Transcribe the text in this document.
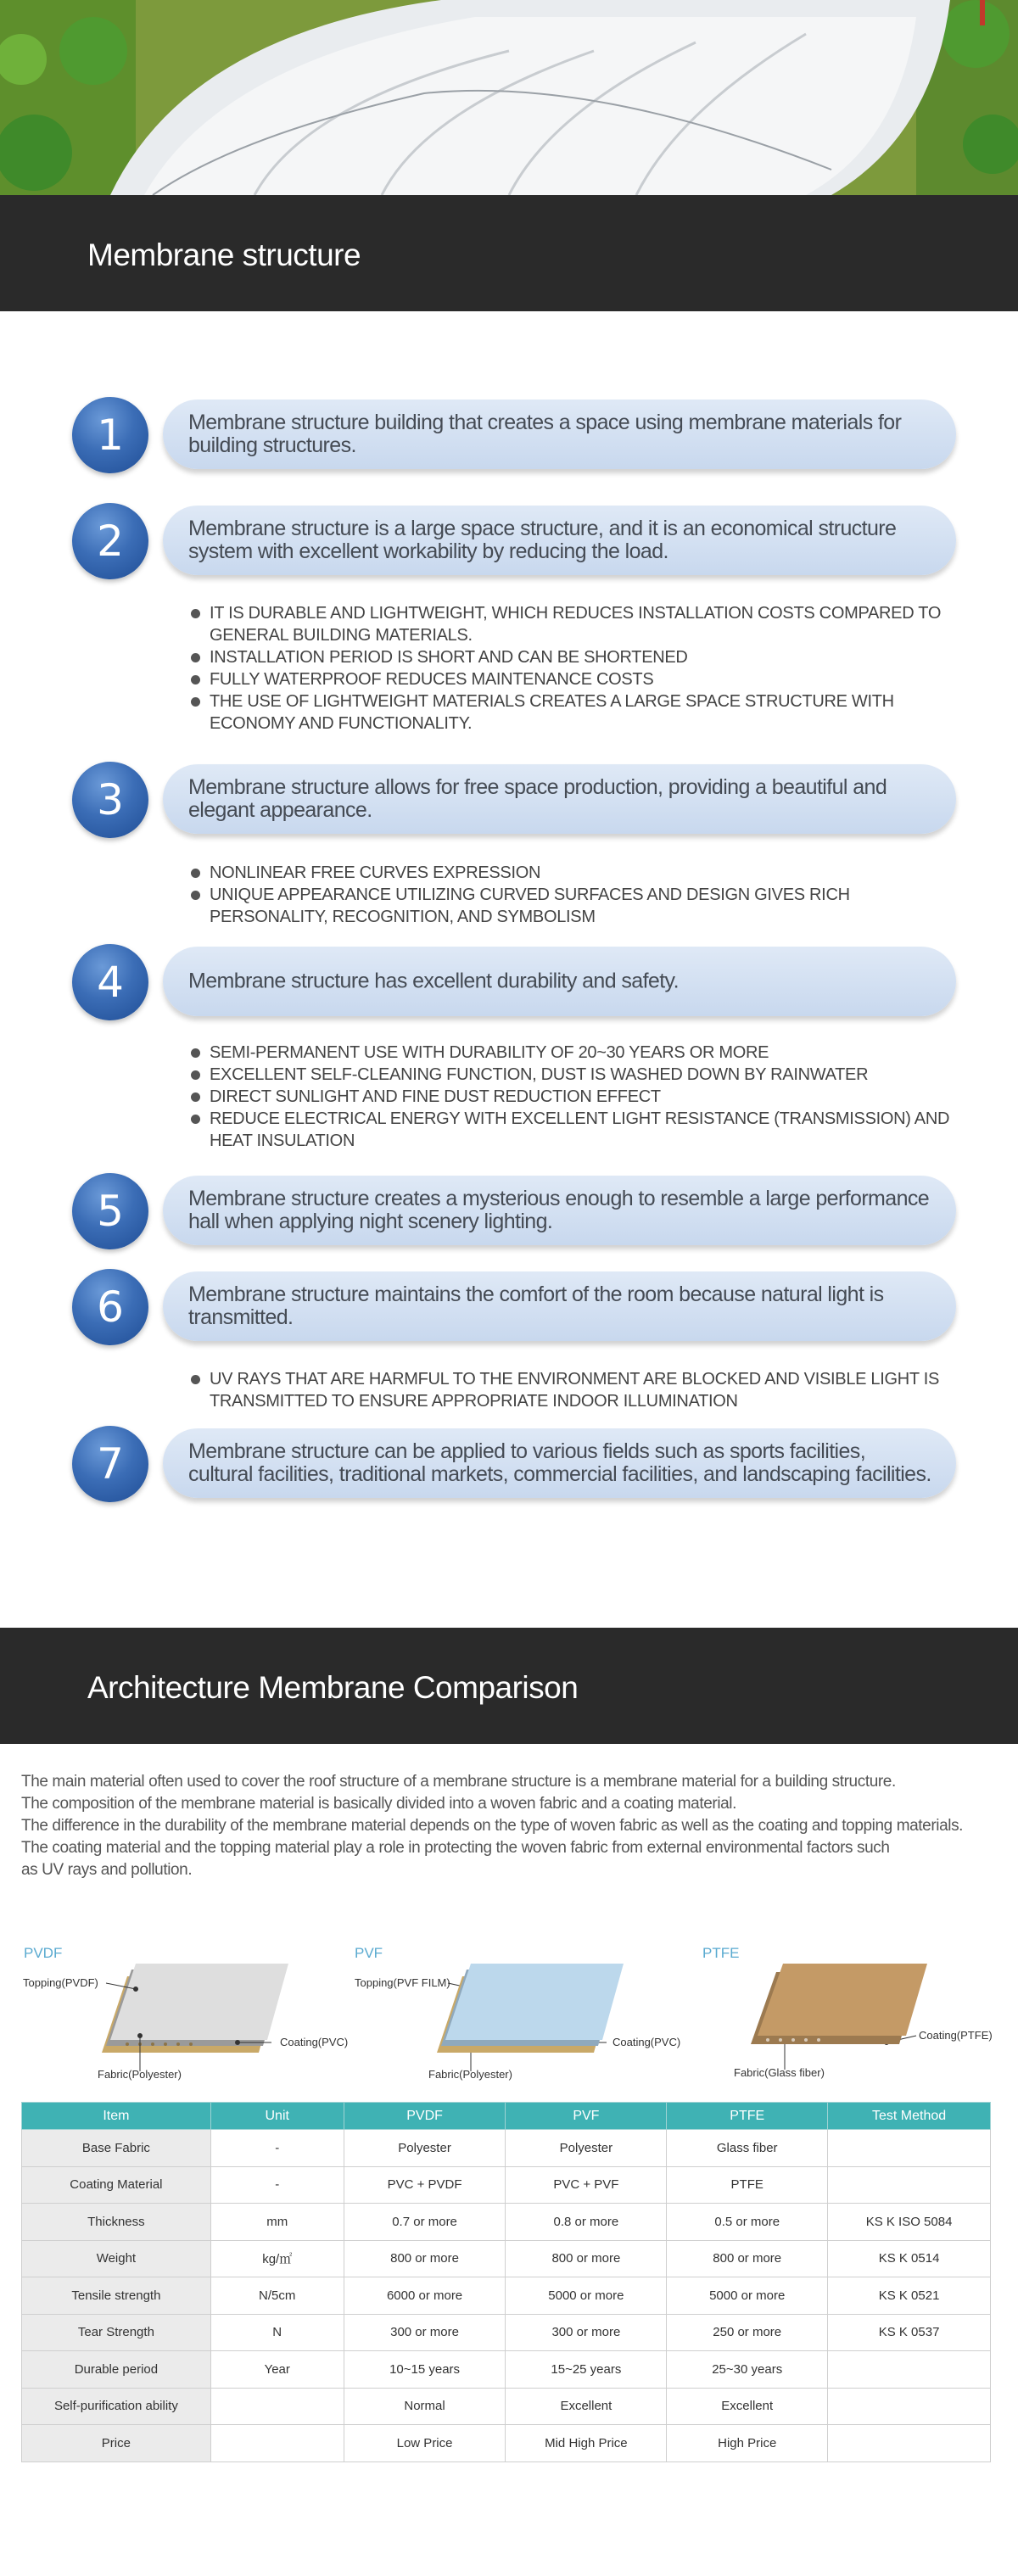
Membrane structure
1	Membrane structure building that creates a space using membrane materials for building structures.
2	Membrane structure is a large space structure, and it is an economical structure system with excellent workability by reducing the load.
IT IS DURABLE AND LIGHTWEIGHT, WHICH REDUCES INSTALLATION COSTS COMPARED TO GENERAL BUILDING MATERIALS.
INSTALLATION PERIOD IS SHORT AND CAN BE SHORTENED
FULLY WATERPROOF REDUCES MAINTENANCE COSTS
THE USE OF LIGHTWEIGHT MATERIALS CREATES A LARGE SPACE STRUCTURE WITH ECONOMY AND FUNCTIONALITY.
3	Membrane structure allows for free space production, providing a beautiful and elegant appearance.
NONLINEAR FREE CURVES EXPRESSION
UNIQUE APPEARANCE UTILIZING CURVED SURFACES AND DESIGN GIVES RICH PERSONALITY, RECOGNITION, AND SYMBOLISM
4	Membrane structure has excellent durability and safety.
SEMI-PERMANENT USE WITH DURABILITY OF 20~30 YEARS OR MORE
EXCELLENT SELF-CLEANING FUNCTION, DUST IS WASHED DOWN BY RAINWATER
DIRECT SUNLIGHT AND FINE DUST REDUCTION EFFECT
REDUCE ELECTRICAL ENERGY WITH EXCELLENT LIGHT RESISTANCE (TRANSMISSION) AND HEAT INSULATION
5	Membrane structure creates a mysterious enough to resemble a large performance hall when applying night scenery lighting.
6	Membrane structure maintains the comfort of the room because natural light is transmitted.
UV RAYS THAT ARE HARMFUL TO THE ENVIRONMENT ARE BLOCKED AND VISIBLE LIGHT IS TRANSMITTED TO ENSURE APPROPRIATE INDOOR ILLUMINATION
7	Membrane structure can be applied to various fields such as sports facilities, cultural facilities, traditional markets, commercial facilities, and landscaping facilities.
Architecture Membrane Comparison

The main material often used to cover the roof structure of a membrane structure is a membrane material for a building structure.

The composition of the membrane material is basically divided into a woven fabric and a coating material.

The difference in the durability of the membrane material depends on the type of woven fabric as well as the coating and topping materials.

The coating material and the topping material play a role in protecting the woven fabric from external environmental factors such

as UV rays and pollution.

PVDF
Topping(PVDF)
Coating(PVC)
Fabric(Polyester)
PVF
Topping(PVF FILM)
Coating(PVC)
Fabric(Polyester)
PTFE
Coating(PTFE)
Fabric(Glass fiber)
Item	Unit	PVDF	PVF	PTFE	Test Method
Base Fabric	-	Polyester	Polyester	Glass fiber	
Coating Material	-	PVC + PVDF	PVC + PVF	PTFE	
Thickness	mm	0.7 or more	0.8 or more	0.5 or more	KS K ISO 5084
Weight	kg/㎡	800 or more	800 or more	800 or more	KS K 0514
Tensile strength	N/5cm	6000 or more	5000 or more	5000 or more	KS K 0521
Tear Strength	N	300 or more	300 or more	250 or more	KS K 0537
Durable period	Year	10~15 years	15~25 years	25~30 years	
Self-purification ability		Normal	Excellent	Excellent	
Price		Low Price	Mid High Price	High Price	
